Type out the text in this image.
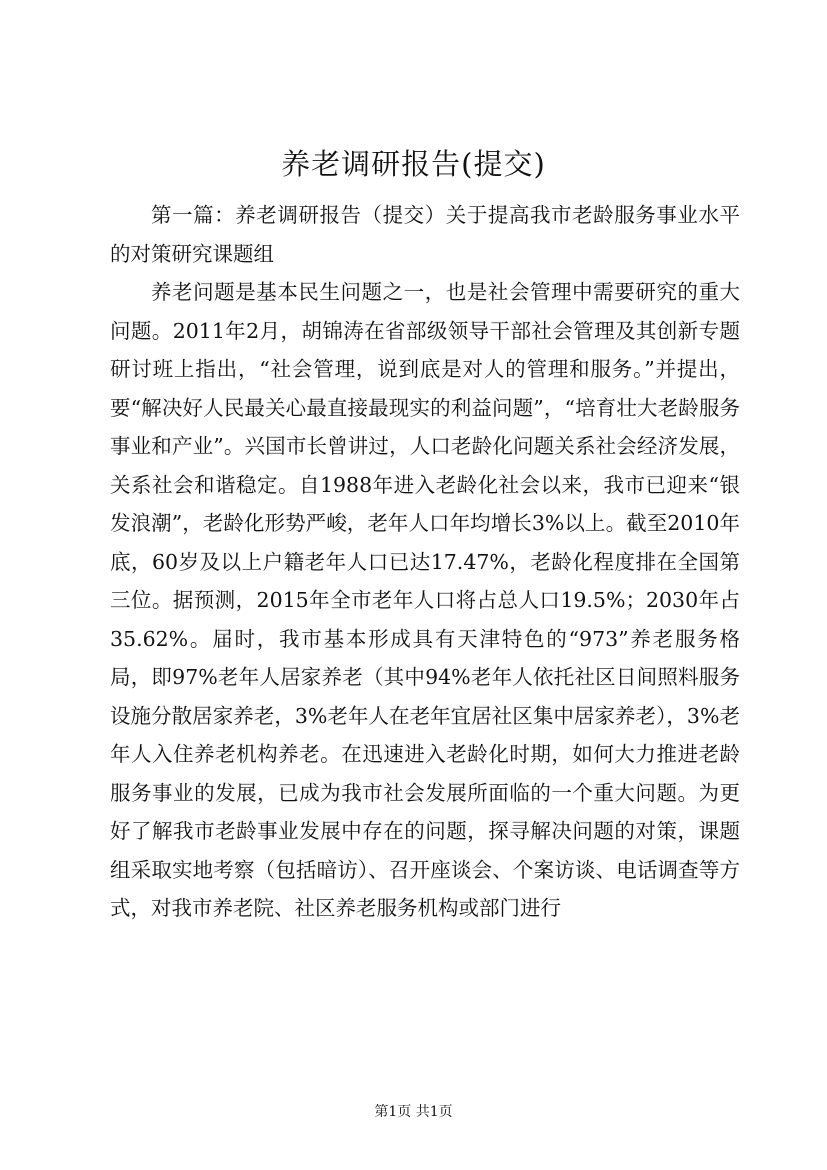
养老调研报告(提交)

第一篇：养老调研报告（提交）关于提高我市老龄服务事业水平的对策研究课题组

养老问题是基本民生问题之一，也是社会管理中需要研究的重大问题。2011年2月，胡锦涛在省部级领导干部社会管理及其创新专题研讨班上指出，“社会管理，说到底是对人的管理和服务。”并提出，要“解决好人民最关心最直接最现实的利益问题”，“培育壮大老龄服务事业和产业”。兴国市长曾讲过，人口老龄化问题关系社会经济发展，关系社会和谐稳定。自1988年进入老龄化社会以来，我市已迎来“银发浪潮”，老龄化形势严峻，老年人口年均增长3%以上。截至2010年底，60岁及以上户籍老年人口已达17.47%，老龄化程度排在全国第三位。据预测，2015年全市老年人口将占总人口19.5%；2030年占35.62%。届时，我市基本形成具有天津特色的“973”养老服务格局，即97%老年人居家养老（其中94%老年人依托社区日间照料服务设施分散居家养老，3%老年人在老年宜居社区集中居家养老），3%老年人入住养老机构养老。在迅速进入老龄化时期，如何大力推进老龄服务事业的发展，已成为我市社会发展所面临的一个重大问题。为更好了解我市老龄事业发展中存在的问题，探寻解决问题的对策，课题组采取实地考察（包括暗访）、召开座谈会、个案访谈、电话调查等方式，对我市养老院、社区养老服务机构或部门进行

第1页 共1页
